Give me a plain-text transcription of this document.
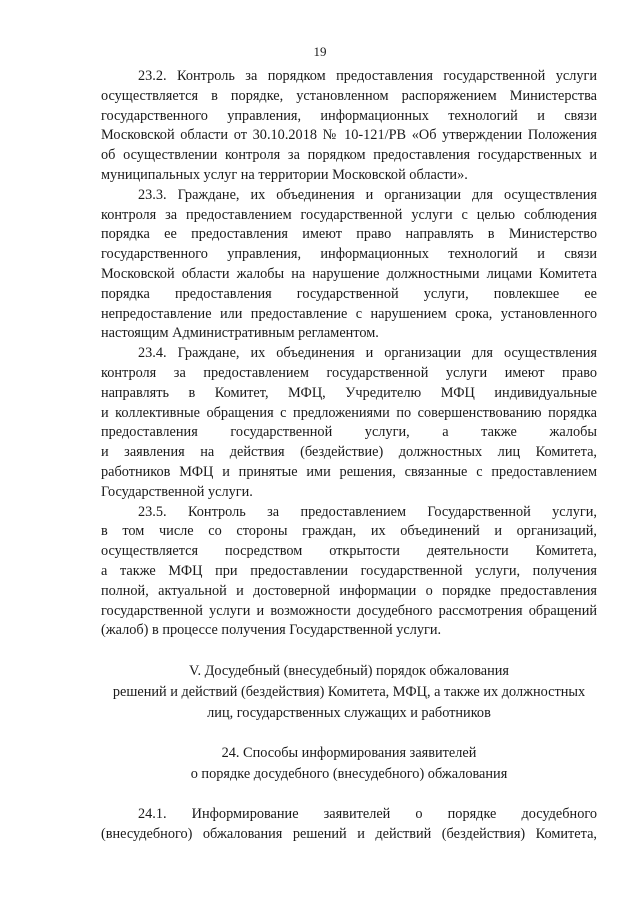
19
23.2. Контроль за порядком предоставления государственной услуги
осуществляется в порядке, установленном распоряжением Министерства
государственного управления, информационных технологий и связи
Московской области от 30.10.2018 № 10-121/РВ «Об утверждении Положения
об осуществлении контроля за порядком предоставления государственных и
муниципальных услуг на территории Московской области».
23.3. Граждане, их объединения и организации для осуществления
контроля за предоставлением государственной услуги с целью соблюдения
порядка ее предоставления имеют право направлять в Министерство
государственного управления, информационных технологий и связи
Московской области жалобы на нарушение должностными лицами Комитета
порядка предоставления государственной услуги, повлекшее ее
непредоставление или предоставление с нарушением срока, установленного
настоящим Административным регламентом.
23.4. Граждане, их объединения и организации для осуществления
контроля за предоставлением государственной услуги имеют право
направлять в Комитет, МФЦ, Учредителю МФЦ индивидуальные
и коллективные обращения с предложениями по совершенствованию порядка
предоставления государственной услуги, а также жалобы
и заявления на действия (бездействие) должностных лиц Комитета,
работников МФЦ и принятые ими решения, связанные с предоставлением
Государственной услуги.
23.5. Контроль за предоставлением Государственной услуги,
в том числе со стороны граждан, их объединений и организаций,
осуществляется посредством открытости деятельности Комитета,
а также МФЦ при предоставлении государственной услуги, получения
полной, актуальной и достоверной информации о порядке предоставления
государственной услуги и возможности досудебного рассмотрения обращений
(жалоб) в процессе получения Государственной услуги.
V. Досудебный (внесудебный) порядок обжалования
решений и действий (бездействия) Комитета, МФЦ, а также их должностных
лиц, государственных служащих и работников
24. Способы информирования заявителей
о порядке досудебного (внесудебного) обжалования
24.1. Информирование заявителей о порядке досудебного
(внесудебного) обжалования решений и действий (бездействия) Комитета,
